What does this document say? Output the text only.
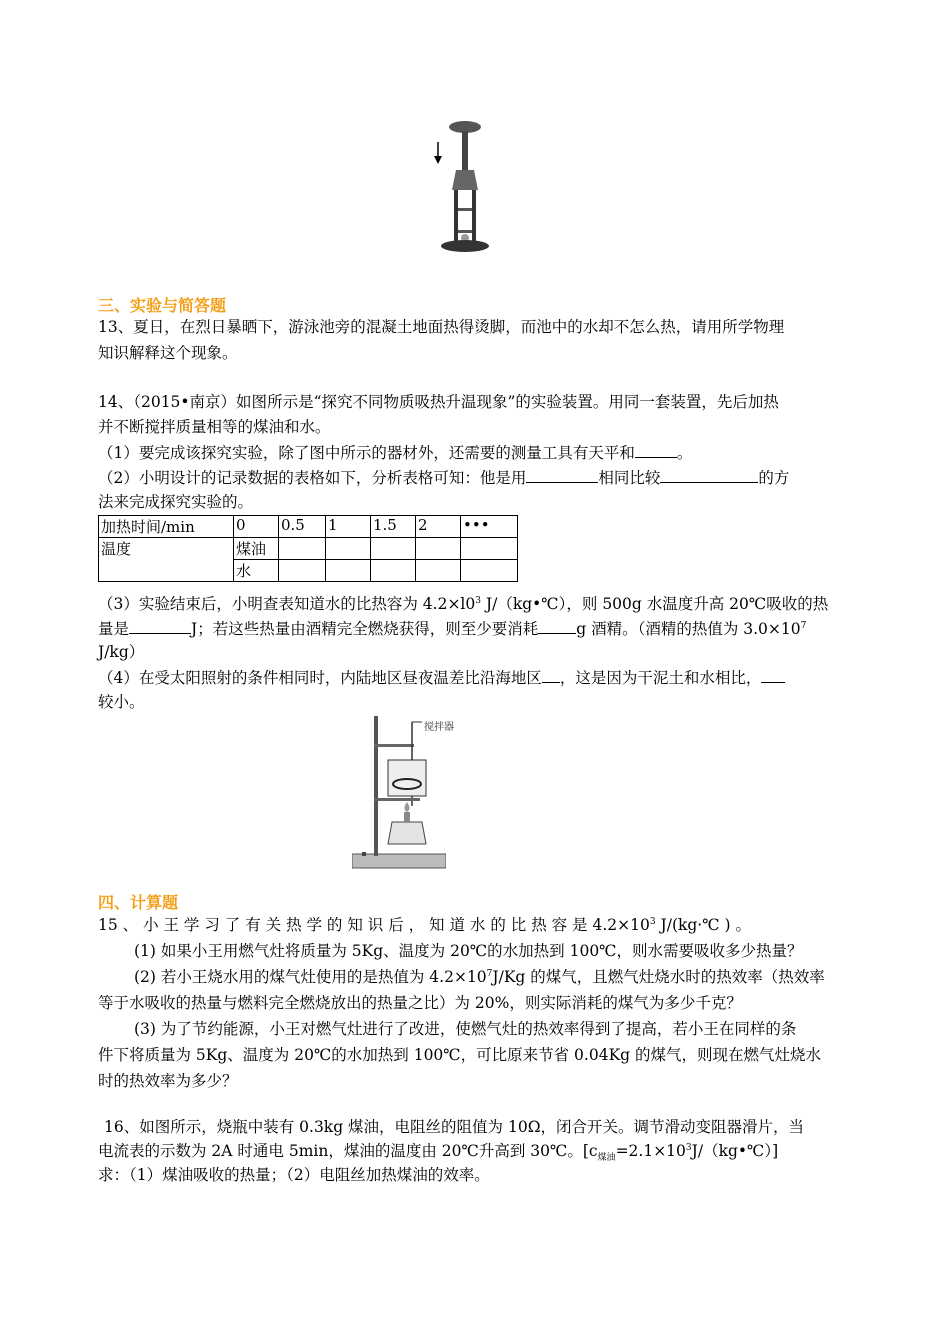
三、实验与简答题
13、夏日，在烈日暴晒下，游泳池旁的混凝土地面热得烫脚，而池中的水却不怎么热，请用所学物理
知识解释这个现象。
14、（2015•南京）如图所示是“探究不同物质吸热升温现象”的实验装置。用同一套装置，先后加热
并不断搅拌质量相等的煤油和水。
（1）要完成该探究实验，除了图中所示的器材外，还需要的测量工具有天平和	。
（2）小明设计的记录数据的表格如下，分析表格可知：他是用	相同比较	的方
法来完成探究实验的。
加热时间/min	0	0.5	1	1.5	2	•••
温度	煤油					
	水					
（3）实验结束后，小明查表知道水的比热容为 $4.2\times l0^3$ J/（kg•℃），则 500g 水温度升高 20℃吸收的热
量是	J；若这些热量由酒精完全燃烧获得，则至少要消耗 g 酒精。（酒精的热值为 $3.0\times 10^7$
J/kg）
（4）在受太阳照射的条件相同时，内陆地区昼夜温差比沿海地区 ，这是因为干泥土和水相比，
较小。
搅拌器
四、计算题
15 、 小 王 学 习 了 有 关 热 学 的 知 识 后 ， 知 道 水 的 比 热 容 是 $4.2\times 10^3$ J/(kg·℃ ) 。
(1) 如果小王用燃气灶将质量为 5Kg、温度为 20℃的水加热到 100℃，则水需要吸收多少热量？
(2) 若小王烧水用的煤气灶使用的是热值为 $4.2\times 10^7J/Kg$ 的煤气，且燃气灶烧水时的热效率（热效率
等于水吸收的热量与燃料完全燃烧放出的热量之比）为 20%，则实际消耗的煤气为多少千克？
(3) 为了节约能源，小王对燃气灶进行了改进，使燃气灶的热效率得到了提高，若小王在同样的条
件下将质量为 5Kg、温度为 20℃的水加热到 100℃，可比原来节省 0.04Kg 的煤气，则现在燃气灶烧水
时的热效率为多少？
16、如图所示，烧瓶中装有 0.3kg 煤油，电阻丝的阻值为 10Ω，闭合开关。调节滑动变阻器滑片，当
电流表的示数为 2A 时通电 5min，煤油的温度由 20℃升高到 30℃。$[c_{煤油}=2.1\times 10^3J/(kg•℃)]$
求：（1）煤油吸收的热量；（2）电阻丝加热煤油的效率。
